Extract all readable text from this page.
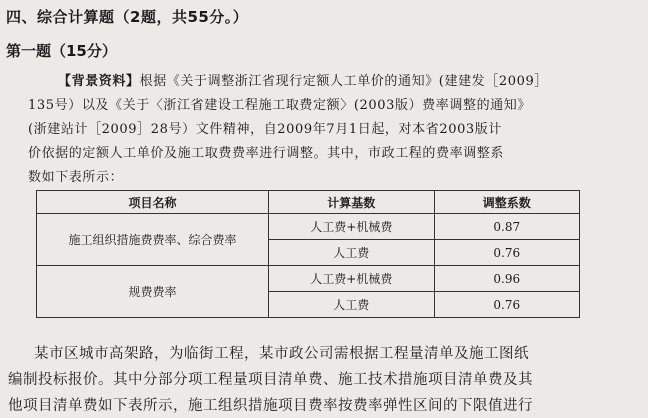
四、综合计算题（2题，共55分。）
第一题（15分）
【背景资料】根据《关于调整浙江省现行定额人工单价的通知》(建建发［2009］
135号）以及《关于〈浙江省建设工程施工取费定额〉(2003版）费率调整的通知》
(浙建站计［2009］28号）文件精神，自2009年7月1日起，对本省2003版计
价依据的定额人工单价及施工取费费率进行调整。其中，市政工程的费率调整系
数如下表所示：
项目名称	计算基数	调整系数
施工组织措施费费率、综合费率	人工费+机械费	0.87
	人工费	0.76
规费费率	人工费+机械费	0.96
	人工费	0.76
某市区城市高架路，为临街工程，某市政公司需根据工程量清单及施工图纸
编制投标报价。其中分部分项工程量项目清单费、施工技术措施项目清单费及其
他项目清单费如下表所示，施工组织措施项目费率按费率弹性区间的下限值进行
